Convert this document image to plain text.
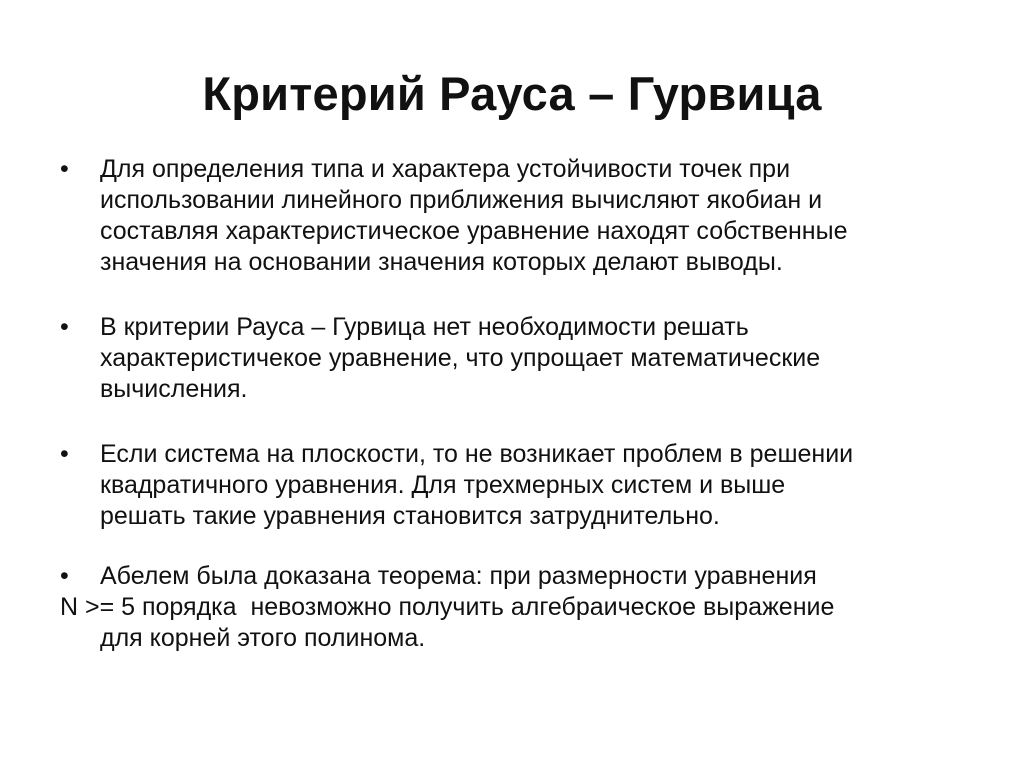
Критерий Рауса – Гурвица
•	Для определения типа и характера устойчивости точек при

использовании линейного приближения вычисляют якобиан и

составляя характеристическое уравнение находят собственные

значения на основании значения которых делают выводы.

•	В критерии Рауса – Гурвица нет необходимости решать

характеристичекое уравнение, что упрощает математические

вычисления.

•	Если система на плоскости, то не возникает проблем в решении

квадратичного уравнения. Для трехмерных систем и выше

решать такие уравнения становится затруднительно.

•	Абелем была доказана теорема: при размерности уравнения

N >= 5 порядка  невозможно получить алгебраическое выражение
для корней этого полинома.
